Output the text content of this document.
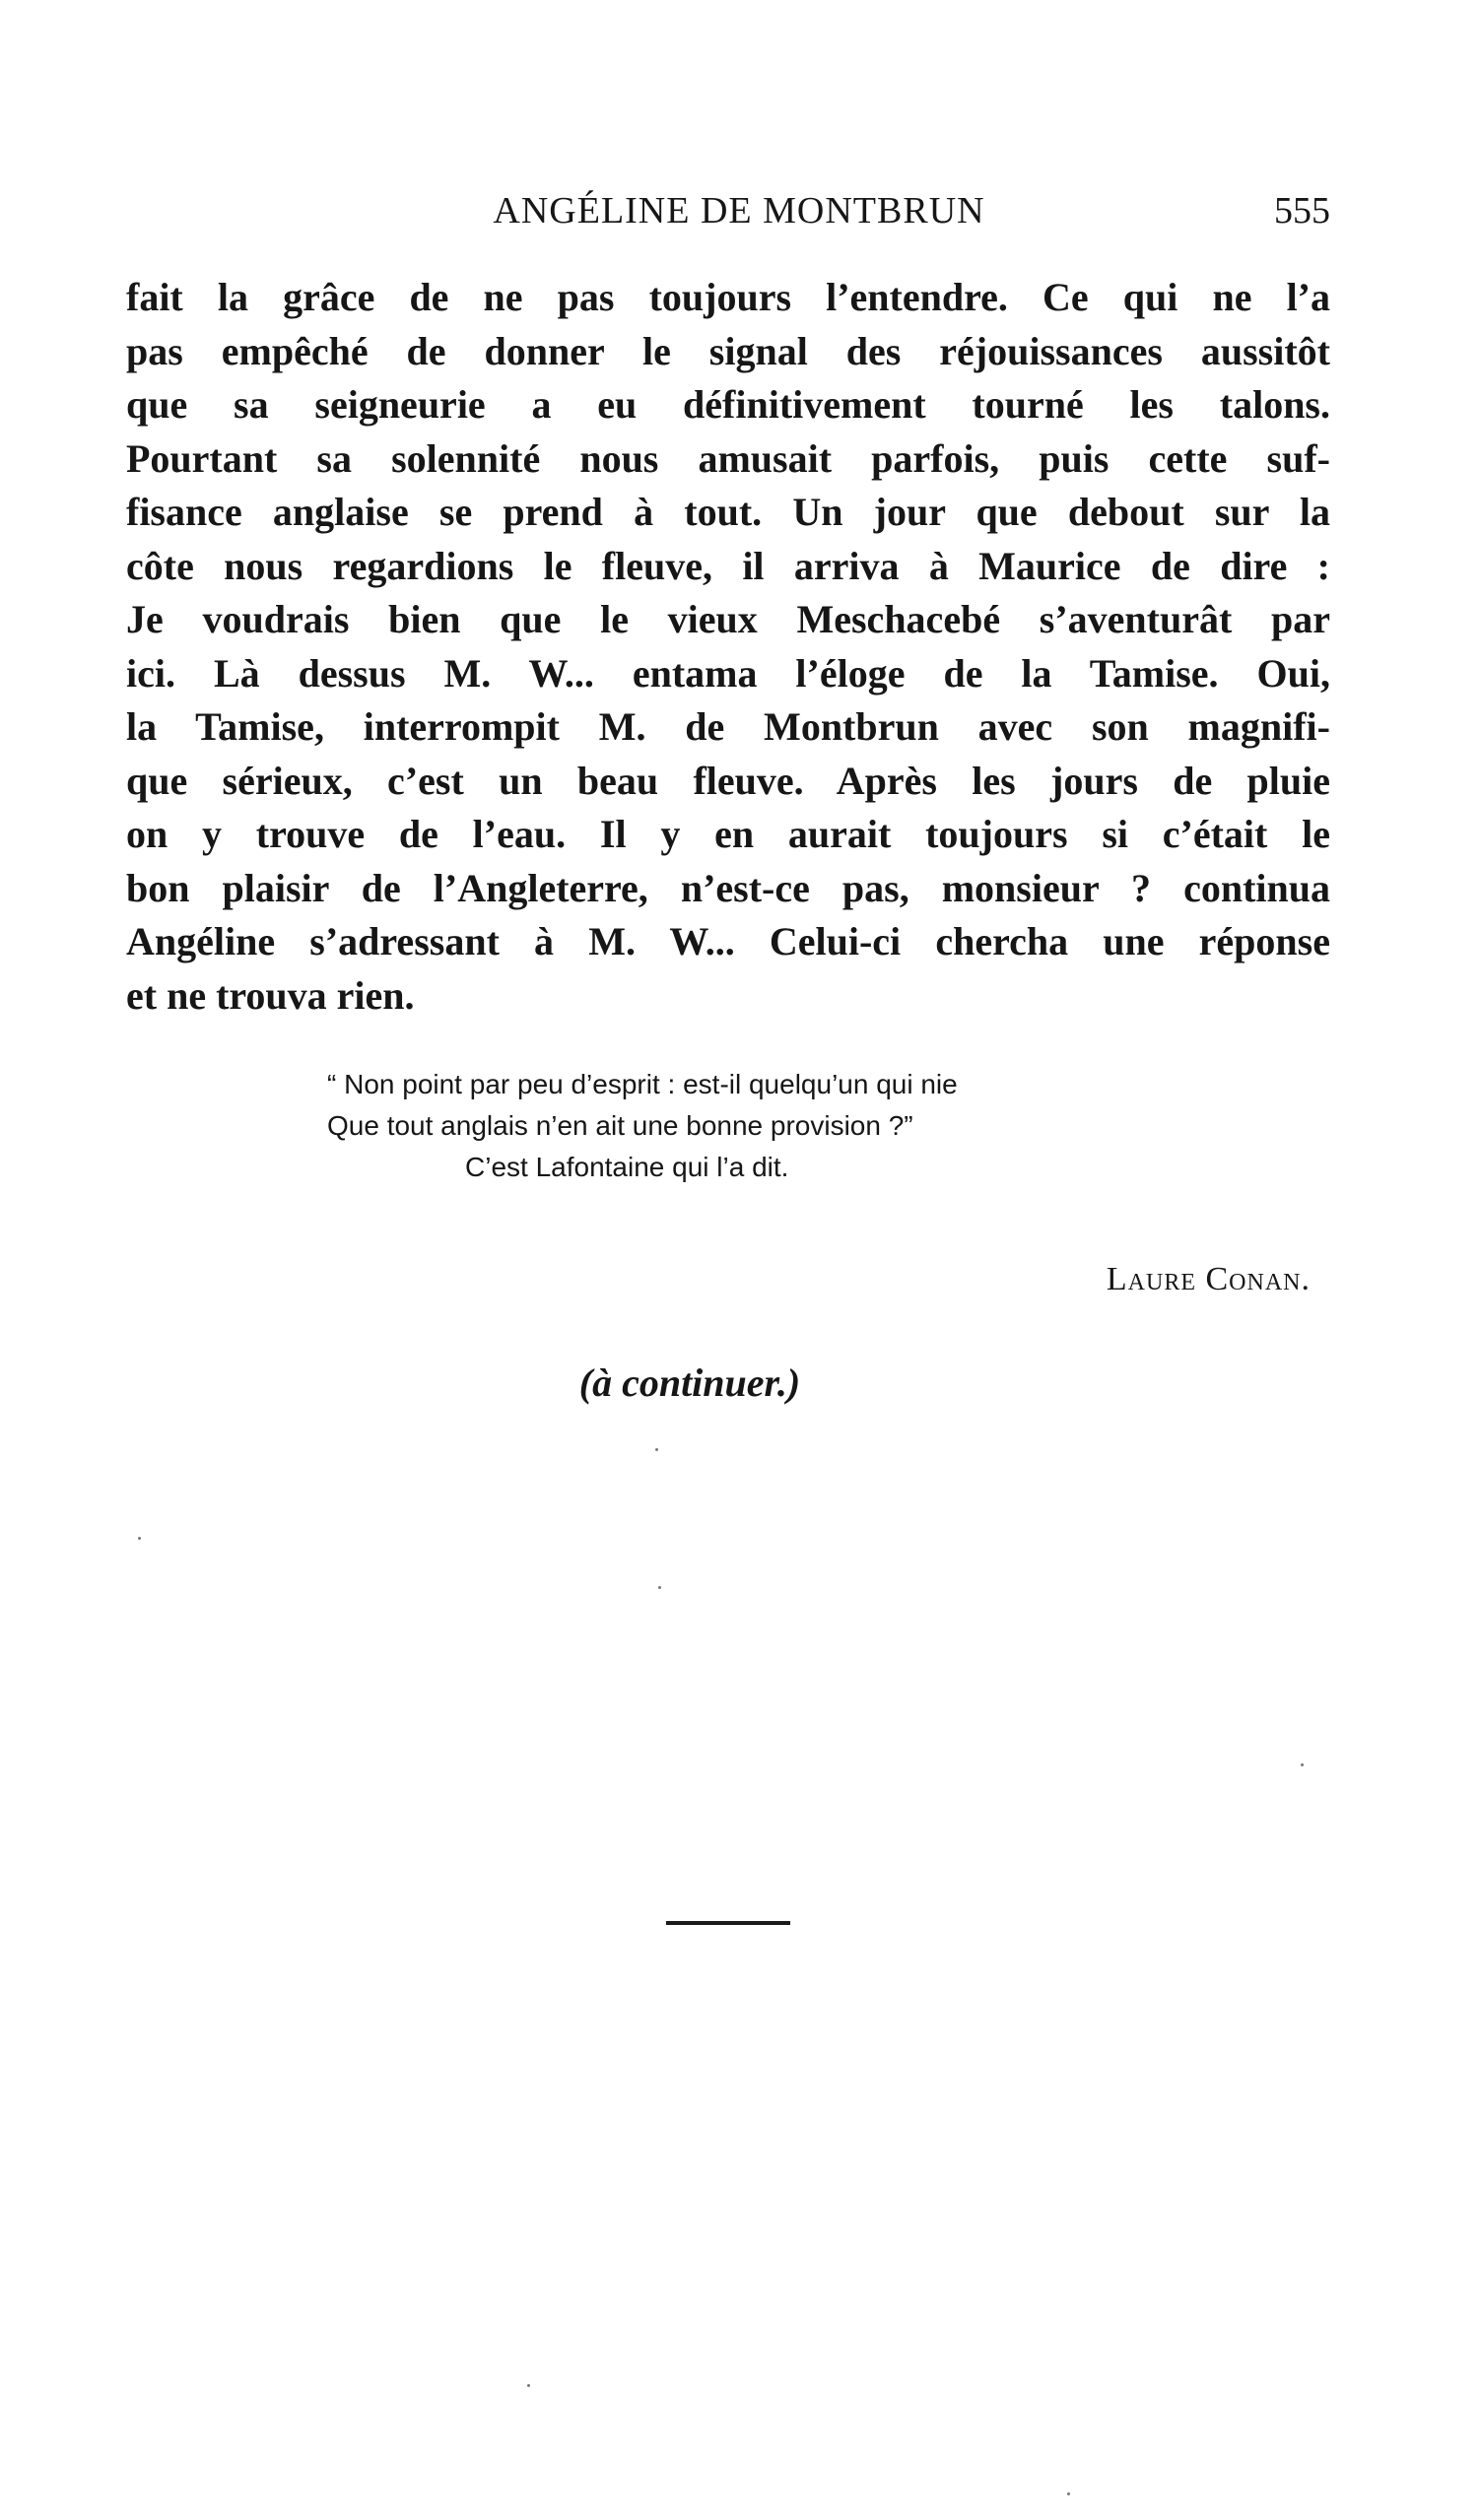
ANGÉLINE DE MONTBRUN	555
fait la grâce de ne pas toujours l’entendre. Ce qui ne l’a
pas empêché de donner le signal des réjouissances aussitôt
que sa seigneurie a eu définitivement tourné les talons.
Pourtant sa solennité nous amusait parfois, puis cette suf-
fisance anglaise se prend à tout. Un jour que debout sur la
côte nous regardions le fleuve, il arriva à Maurice de dire :
Je voudrais bien que le vieux Meschacebé s’aventurât par
ici. Là dessus M. W... entama l’éloge de la Tamise. Oui,
la Tamise, interrompit M. de Montbrun avec son magnifi-
que sérieux, c’est un beau fleuve. Après les jours de pluie
on y trouve de l’eau. Il y en aurait toujours si c’était le
bon plaisir de l’Angleterre, n’est-ce pas, monsieur ? continua
Angéline s’adressant à M. W... Celui-ci chercha une réponse
et ne trouva rien.
“ Non point par peu d’esprit : est-il quelqu’un qui nie
Que tout anglais n’en ait une bonne provision ?”
C’est Lafontaine qui l’a dit.
Laure Conan.
(à continuer.)
